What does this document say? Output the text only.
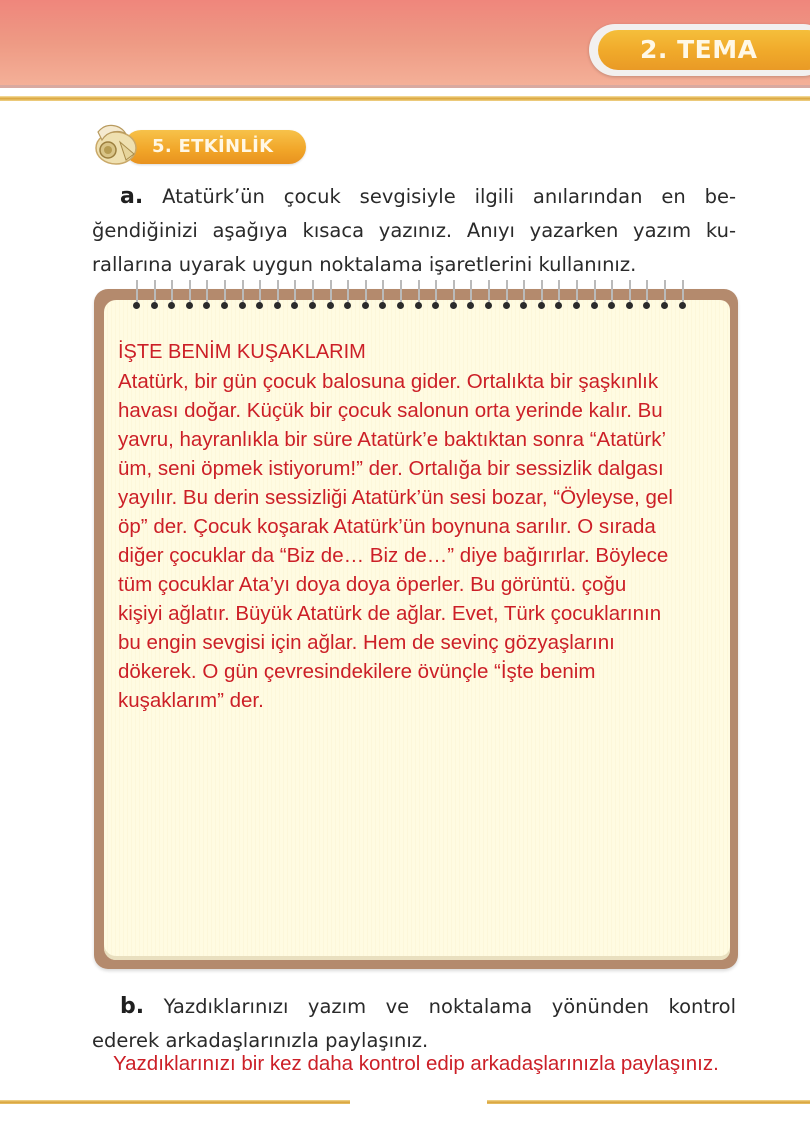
2. TEMA
5. ETKİNLİK
a. Atatürk’ün çocuk sevgisiyle ilgili anılarından en be-
ğendiğinizi aşağıya kısaca yazınız. Anıyı yazarken yazım ku-
rallarına uyarak uygun noktalama işaretlerini kullanınız.
İŞTE BENİM KUŞAKLARIM
Atatürk, bir gün çocuk balosuna gider. Ortalıkta bir şaşkınlık
havası doğar. Küçük bir çocuk salonun orta yerinde kalır. Bu
yavru, hayranlıkla bir süre Atatürk’e baktıktan sonra “Atatürk’
üm, seni öpmek istiyorum!” der. Ortalığa bir sessizlik dalgası
yayılır. Bu derin sessizliği Atatürk’ün sesi bozar, “Öyleyse, gel
öp” der. Çocuk koşarak Atatürk’ün boynuna sarılır. O sırada
diğer çocuklar da “Biz de… Biz de…” diye bağırırlar. Böylece
tüm çocuklar Ata’yı doya doya öperler. Bu görüntü. çoğu
kişiyi ağlatır. Büyük Atatürk de ağlar. Evet, Türk çocuklarının
bu engin sevgisi için ağlar. Hem de sevinç gözyaşlarını
dökerek. O gün çevresindekilere övünçle “İşte benim
kuşaklarım” der.
b. Yazdıklarınızı yazım ve noktalama yönünden kontrol
ederek arkadaşlarınızla paylaşınız.
Yazdıklarınızı bir kez daha kontrol edip arkadaşlarınızla paylaşınız.
